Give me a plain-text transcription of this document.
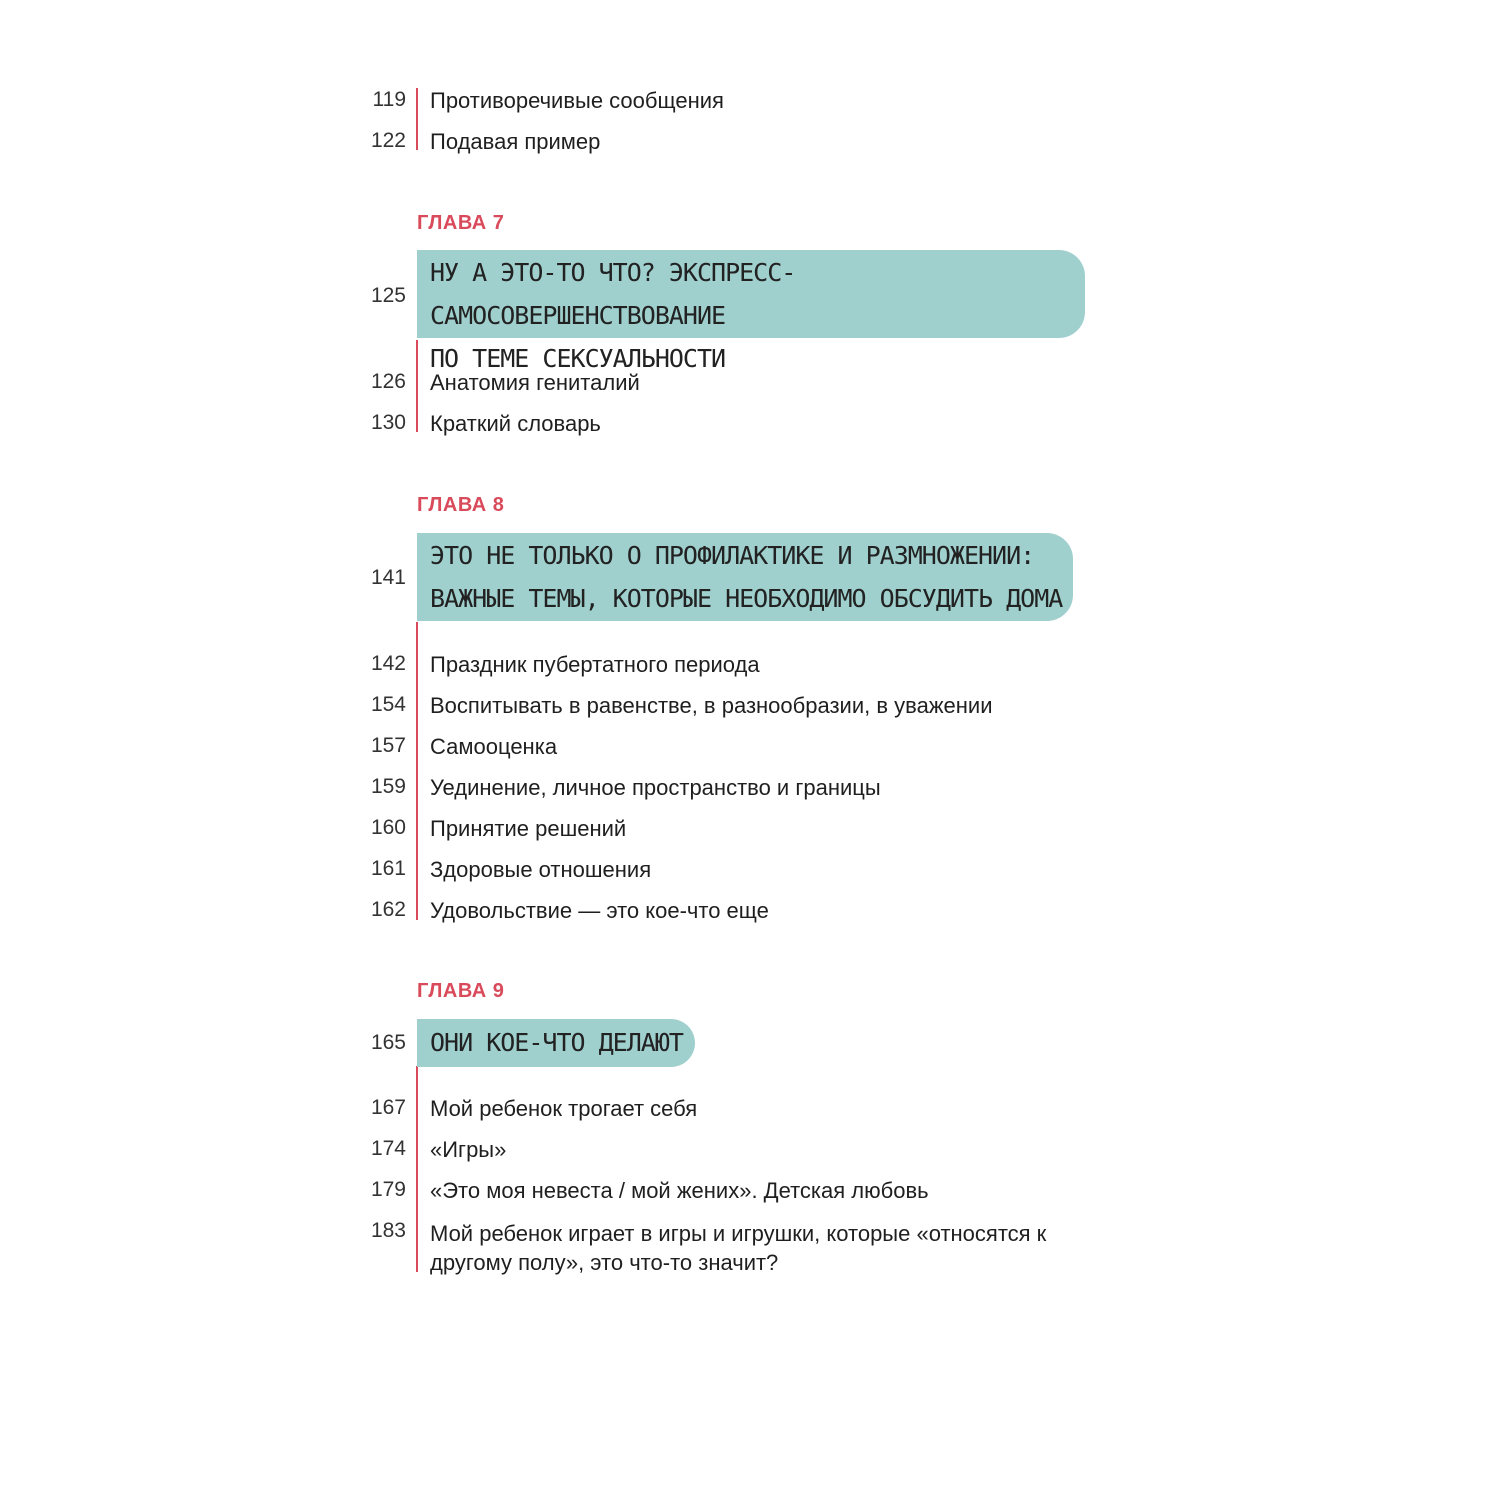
119 Противоречивые сообщения
122 Подавая пример
ГЛАВА 7
125
НУ А ЭТО-ТО ЧТО? ЭКСПРЕСС-САМОСОВЕРШЕНСТВОВАНИЕ
ПО ТЕМЕ СЕКСУАЛЬНОСТИ
126 Анатомия гениталий
130 Краткий словарь
ГЛАВА 8
141
ЭТО НЕ ТОЛЬКО О ПРОФИЛАКТИКЕ И РАЗМНОЖЕНИИ:
ВАЖНЫЕ ТЕМЫ, КОТОРЫЕ НЕОБХОДИМО ОБСУДИТЬ ДОМА
142 Праздник пубертатного периода
154 Воспитывать в равенстве, в разнообразии, в уважении
157 Самооценка
159 Уединение, личное пространство и границы
160 Принятие решений
161 Здоровые отношения
162 Удовольствие — это кое-что еще
ГЛАВА 9
165 ОНИ КОЕ-ЧТО ДЕЛАЮТ
167 Мой ребенок трогает себя
174 «Игры»
179 «Это моя невеста / мой жених». Детская любовь
183 Мой ребенок играет в игры и игрушки, которые «относятся к другому полу», это что-то значит?
